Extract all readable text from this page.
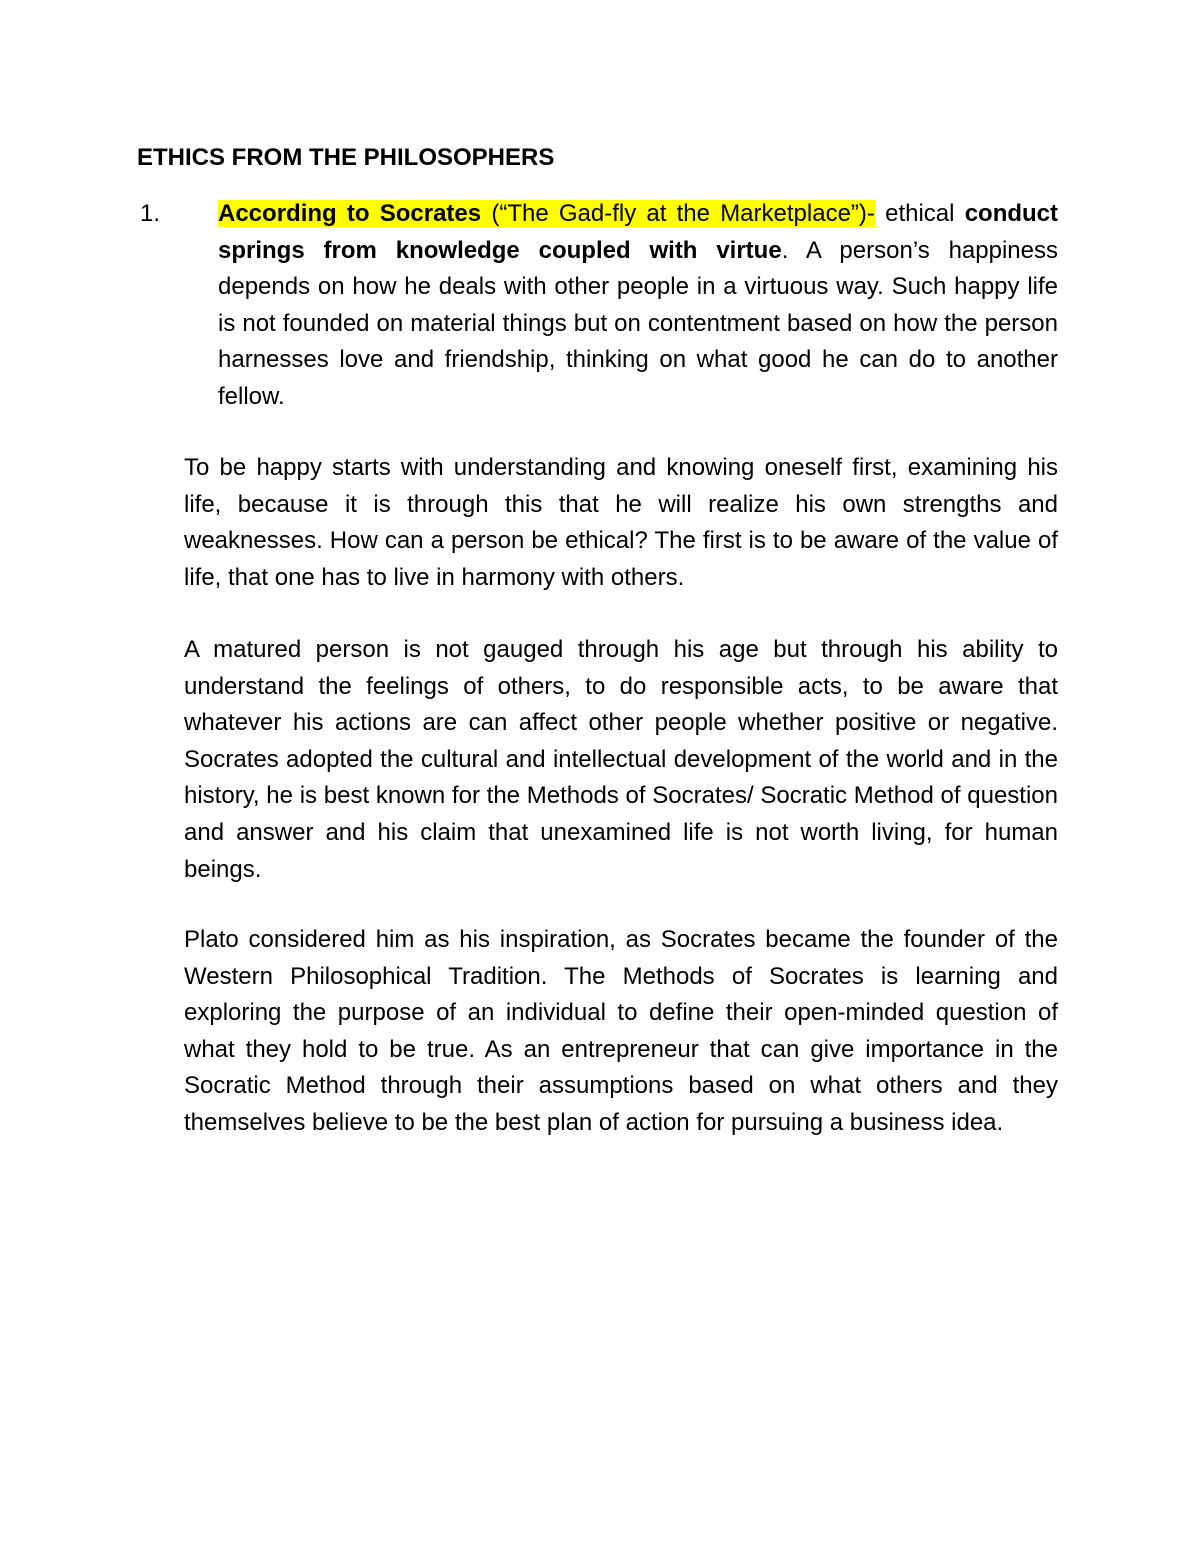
ETHICS FROM THE PHILOSOPHERS
1. According to Socrates (“The Gad-fly at the Marketplace”)- ethical conduct springs from knowledge coupled with virtue. A person’s happiness depends on how he deals with other people in a virtuous way. Such happy life is not founded on material things but on contentment based on how the person harnesses love and friendship, thinking on what good he can do to another fellow.

To be happy starts with understanding and knowing oneself first, examining his life, because it is through this that he will realize his own strengths and weaknesses. How can a person be ethical? The first is to be aware of the value of life, that one has to live in harmony with others.

A matured person is not gauged through his age but through his ability to understand the feelings of others, to do responsible acts, to be aware that whatever his actions are can affect other people whether positive or negative. Socrates adopted the cultural and intellectual development of the world and in the history, he is best known for the Methods of Socrates/ Socratic Method of question and answer and his claim that unexamined life is not worth living, for human beings.

Plato considered him as his inspiration, as Socrates became the founder of the Western Philosophical Tradition. The Methods of Socrates is learning and exploring the purpose of an individual to define their open-minded question of what they hold to be true. As an entrepreneur that can give importance in the Socratic Method through their assumptions based on what others and they themselves believe to be the best plan of action for pursuing a business idea.
